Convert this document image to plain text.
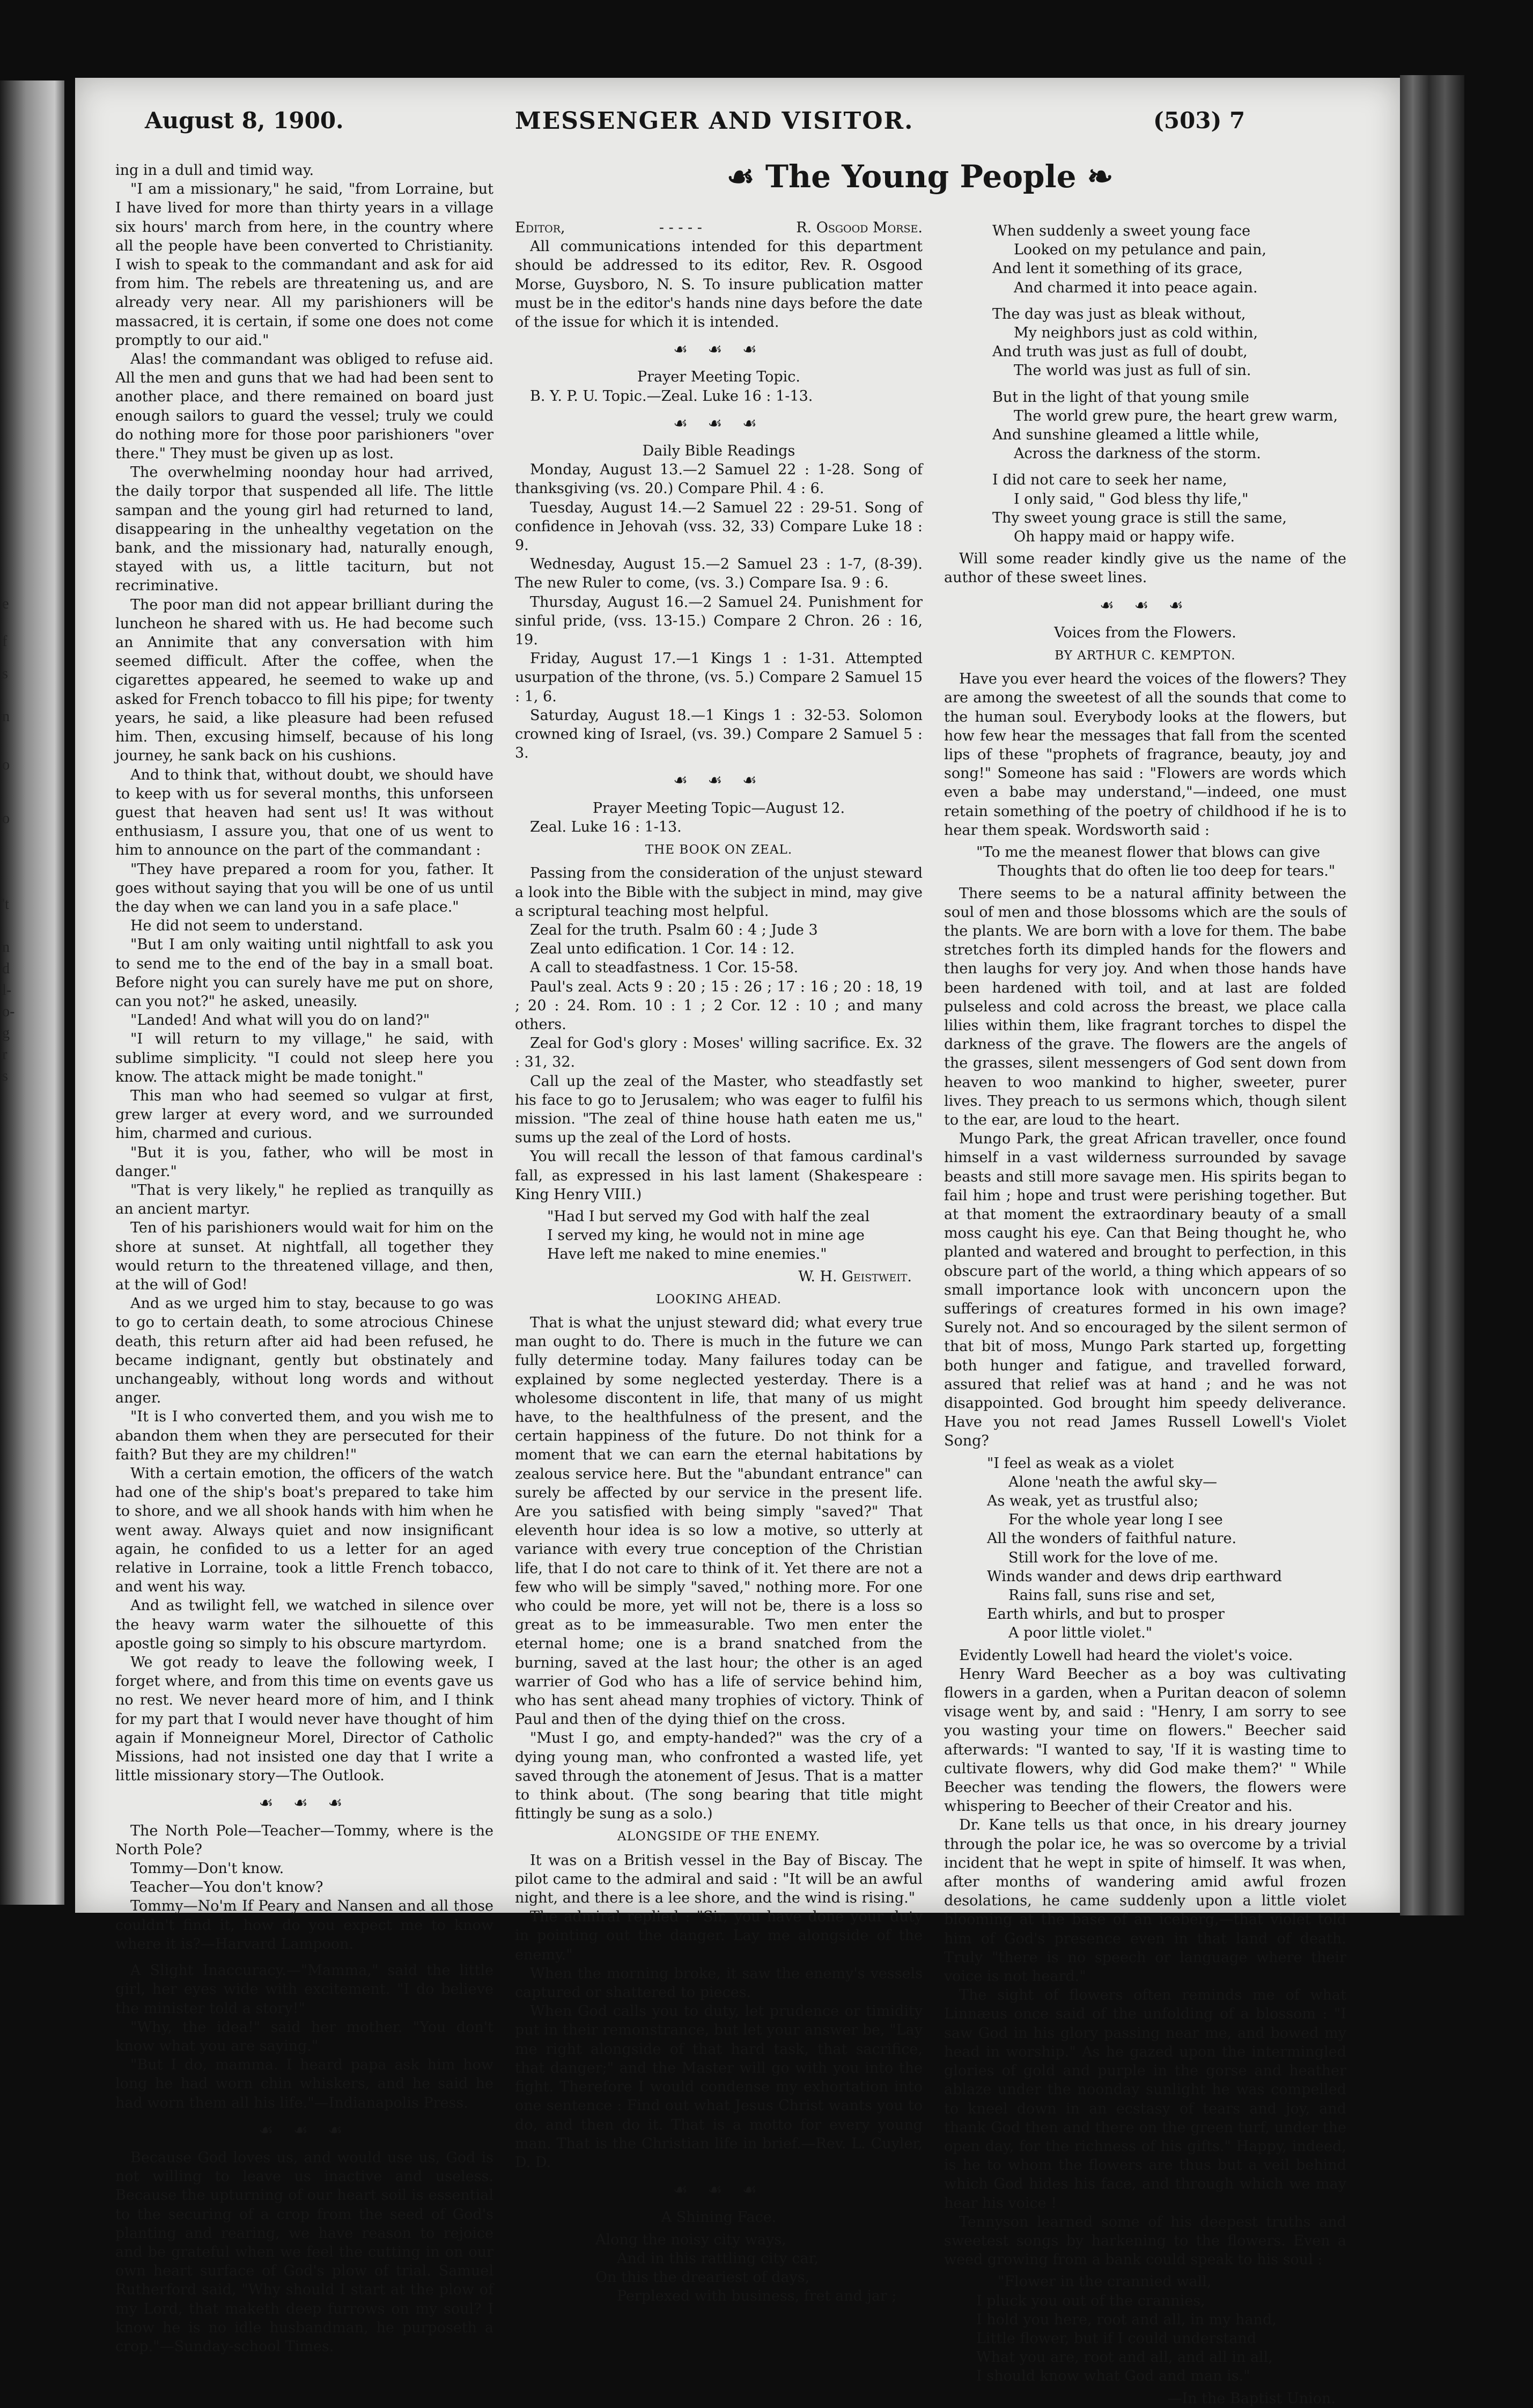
e
f
s
n
o
o
't
n
d
l-
o-
g
r
s
August 8, 1900.	MESSENGER AND VISITOR.	(503) 7
☙ The Young People ❧

ing in a dull and timid way.

"I am a missionary," he said, "from Lorraine, but I have lived for more than thirty years in a village six hours' march from here, in the country where all the people have been converted to Christianity. I wish to speak to the commandant and ask for aid from him. The rebels are threatening us, and are already very near. All my parishioners will be massacred, it is certain, if some one does not come promptly to our aid."

Alas! the commandant was obliged to refuse aid. All the men and guns that we had had been sent to another place, and there remained on board just enough sailors to guard the vessel; truly we could do nothing more for those poor parishioners "over there." They must be given up as lost.

The overwhelming noonday hour had arrived, the daily torpor that suspended all life. The little sampan and the young girl had returned to land, disappearing in the unhealthy vegetation on the bank, and the missionary had, naturally enough, stayed with us, a little taciturn, but not recriminative.

The poor man did not appear brilliant during the luncheon he shared with us. He had become such an Annimite that any conversation with him seemed difficult. After the coffee, when the cigarettes appeared, he seemed to wake up and asked for French tobacco to fill his pipe; for twenty years, he said, a like pleasure had been refused him. Then, excusing himself, because of his long journey, he sank back on his cushions.

And to think that, without doubt, we should have to keep with us for several months, this unforseen guest that heaven had sent us! It was without enthusiasm, I assure you, that one of us went to him to announce on the part of the commandant :

"They have prepared a room for you, father. It goes without saying that you will be one of us until the day when we can land you in a safe place."

He did not seem to understand.

"But I am only waiting until nightfall to ask you to send me to the end of the bay in a small boat. Before night you can surely have me put on shore, can you not?" he asked, uneasily.

"Landed! And what will you do on land?"

"I will return to my village," he said, with sublime simplicity. "I could not sleep here you know. The attack might be made tonight."

This man who had seemed so vulgar at first, grew larger at every word, and we surrounded him, charmed and curious.

"But it is you, father, who will be most in danger."

"That is very likely," he replied as tranquilly as an ancient martyr.

Ten of his parishioners would wait for him on the shore at sunset. At nightfall, all together they would return to the threatened village, and then, at the will of God!

And as we urged him to stay, because to go was to go to certain death, to some atrocious Chinese death, this return after aid had been refused, he became indignant, gently but obstinately and unchangeably, without long words and without anger.

"It is I who converted them, and you wish me to abandon them when they are persecuted for their faith? But they are my children!"

With a certain emotion, the officers of the watch had one of the ship's boat's prepared to take him to shore, and we all shook hands with him when he went away. Always quiet and now insignificant again, he confided to us a letter for an aged relative in Lorraine, took a little French tobacco, and went his way.

And as twilight fell, we watched in silence over the heavy warm water the silhouette of this apostle going so simply to his obscure martyrdom.

We got ready to leave the following week, I forget where, and from this time on events gave us no rest. We never heard more of him, and I think for my part that I would never have thought of him again if Monneigneur Morel, Director of Catholic Missions, had not insisted one day that I write a little missionary story—The Outlook.

☙ ☙ ☙

The North Pole—Teacher—Tommy, where is the North Pole?

Tommy—Don't know.

Teacher—You don't know?

Tommy—No'm If Peary and Nansen and all those couldn't find it, how do you expect me to know where it is?—Harvard Lampoon.

A Slight Inaccuracy.—"Mamma," said the little girl, her eyes wide with excitement. "I do believe the minister told a story!"

"Why, the idea!" said her mother. "You don't know what you are saying."

"But I do, mamma. I heard papa ask him how long he had worn chin whiskers, and he said he had worn them all his life."—Indianapolis Press.

☙ ☙ ☙

Because God loves us, and would use us, God is not willing to leave us inactive and useless. Because the upturning of our heart soil is essential to the securing of a crop from the seed of God's planting and rearing, we have reason to rejoice and be grateful when we feel the cutting in on our own heart surface of God's plow of trial. Samuel Rutherford said, "Why should I start at the plow of my Lord, that maketh deep furrows on my soul? I know he is no idle husbandman, he purposeth a crop."—Sunday-school Times.

Editor,	- - - - -	R. Osgood Morse.

All communications intended for this department should be addressed to its editor, Rev. R. Osgood Morse, Guysboro, N. S. To insure publication matter must be in the editor's hands nine days before the date of the issue for which it is intended.

☙ ☙ ☙

Prayer Meeting Topic.

B. Y. P. U. Topic.—Zeal. Luke 16 : 1-13.

☙ ☙ ☙

Daily Bible Readings

Monday, August 13.—2 Samuel 22 : 1-28. Song of thanksgiving (vs. 20.) Compare Phil. 4 : 6.

Tuesday, August 14.—2 Samuel 22 : 29-51. Song of confidence in Jehovah (vss. 32, 33) Compare Luke 18 : 9.

Wednesday, August 15.—2 Samuel 23 : 1-7, (8-39). The new Ruler to come, (vs. 3.) Compare Isa. 9 : 6.

Thursday, August 16.—2 Samuel 24. Punishment for sinful pride, (vss. 13-15.) Compare 2 Chron. 26 : 16, 19.

Friday, August 17.—1 Kings 1 : 1-31. Attempted usurpation of the throne, (vs. 5.) Compare 2 Samuel 15 : 1, 6.

Saturday, August 18.—1 Kings 1 : 32-53. Solomon crowned king of Israel, (vs. 39.) Compare 2 Samuel 5 : 3.

☙ ☙ ☙

Prayer Meeting Topic—August 12.

Zeal. Luke 16 : 1-13.

THE BOOK ON ZEAL.

Passing from the consideration of the unjust steward a look into the Bible with the subject in mind, may give a scriptural teaching most helpful.

Zeal for the truth. Psalm 60 : 4 ; Jude 3

Zeal unto edification. 1 Cor. 14 : 12.

A call to steadfastness. 1 Cor. 15-58.

Paul's zeal. Acts 9 : 20 ; 15 : 26 ; 17 : 16 ; 20 : 18, 19 ; 20 : 24. Rom. 10 : 1 ; 2 Cor. 12 : 10 ; and many others.

Zeal for God's glory : Moses' willing sacrifice. Ex. 32 : 31, 32.

Call up the zeal of the Master, who steadfastly set his face to go to Jerusalem; who was eager to fulfil his mission. "The zeal of thine house hath eaten me us," sums up the zeal of the Lord of hosts.

You will recall the lesson of that famous cardinal's fall, as expressed in his last lament (Shakespeare : King Henry VIII.)

"Had I but served my God with half the zeal
I served my king, he would not in mine age
Have left me naked to mine enemies."

W. H. Geistweit.

LOOKING AHEAD.

That is what the unjust steward did; what every true man ought to do. There is much in the future we can fully determine today. Many failures today can be explained by some neglected yesterday. There is a wholesome discontent in life, that many of us might have, to the healthfulness of the present, and the certain happiness of the future. Do not think for a moment that we can earn the eternal habitations by zealous service here. But the "abundant entrance" can surely be affected by our service in the present life. Are you satisfied with being simply "saved?" That eleventh hour idea is so low a motive, so utterly at variance with every true conception of the Christian life, that I do not care to think of it. Yet there are not a few who will be simply "saved," nothing more. For one who could be more, yet will not be, there is a loss so great as to be immeasurable. Two men enter the eternal home; one is a brand snatched from the burning, saved at the last hour; the other is an aged warrier of God who has a life of service behind him, who has sent ahead many trophies of victory. Think of Paul and then of the dying thief on the cross.

"Must I go, and empty-handed?" was the cry of a dying young man, who confronted a wasted life, yet saved through the atonement of Jesus. That is a matter to think about. (The song bearing that title might fittingly be sung as a solo.)

ALONGSIDE OF THE ENEMY.

It was on a British vessel in the Bay of Biscay. The pilot came to the admiral and said : "It will be an awful night, and there is a lee shore, and the wind is rising."

The admiral replied : "Sir, you have done your duty in pointing out the danger. Lay me alongside of the enemy."

When the morning broke, it saw the enemy's vessels captured or shattered to pieces.

When God calls you to duty, let prudence or timidity put in their remonstrance, but let your answer be, "Lay me right alongside of that hard task, that sacrifice, that danger;" and the Master will go with you into the fight. Therefore I would condense my exhortation into one sentence : Find out what Jesus Christ wants you to do, and then do it. That is a motto for every young man. That is the Christian life in brief.—Rev. L. Cuyler, D. D.

☙ ☙ ☙

A Shining Face.

Along the noisy city ways,
And in this rattling city car,
On this the dreariest of days,
Perplexed with business, fret and jar ;
When suddenly a sweet young face
Looked on my petulance and pain,
And lent it something of its grace,
And charmed it into peace again.
The day was just as bleak without,
My neighbors just as cold within,
And truth was just as full of doubt,
The world was just as full of sin.
But in the light of that young smile
The world grew pure, the heart grew warm,
And sunshine gleamed a little while,
Across the darkness of the storm.
I did not care to seek her name,
I only said, " God bless thy life,"
Thy sweet young grace is still the same,
Oh happy maid or happy wife.

Will some reader kindly give us the name of the author of these sweet lines.

☙ ☙ ☙

Voices from the Flowers.

BY ARTHUR C. KEMPTON.

Have you ever heard the voices of the flowers? They are among the sweetest of all the sounds that come to the human soul. Everybody looks at the flowers, but how few hear the messages that fall from the scented lips of these "prophets of fragrance, beauty, joy and song!" Someone has said : "Flowers are words which even a babe may understand,"—indeed, one must retain something of the poetry of childhood if he is to hear them speak. Wordsworth said :

"To me the meanest flower that blows can give
Thoughts that do often lie too deep for tears."

There seems to be a natural affinity between the soul of men and those blossoms which are the souls of the plants. We are born with a love for them. The babe stretches forth its dimpled hands for the flowers and then laughs for very joy. And when those hands have been hardened with toil, and at last are folded pulseless and cold across the breast, we place calla lilies within them, like fragrant torches to dispel the darkness of the grave. The flowers are the angels of the grasses, silent messengers of God sent down from heaven to woo mankind to higher, sweeter, purer lives. They preach to us sermons which, though silent to the ear, are loud to the heart.

Mungo Park, the great African traveller, once found himself in a vast wilderness surrounded by savage beasts and still more savage men. His spirits began to fail him ; hope and trust were perishing together. But at that moment the extraordinary beauty of a small moss caught his eye. Can that Being thought he, who planted and watered and brought to perfection, in this obscure part of the world, a thing which appears of so small importance look with unconcern upon the sufferings of creatures formed in his own image? Surely not. And so encouraged by the silent sermon of that bit of moss, Mungo Park started up, forgetting both hunger and fatigue, and travelled forward, assured that relief was at hand ; and he was not disappointed. God brought him speedy deliverance. Have you not read James Russell Lowell's Violet Song?

"I feel as weak as a violet
Alone 'neath the awful sky—
As weak, yet as trustful also;
For the whole year long I see
All the wonders of faithful nature.
Still work for the love of me.
Winds wander and dews drip earthward
Rains fall, suns rise and set,
Earth whirls, and but to prosper
A poor little violet."

Evidently Lowell had heard the violet's voice.

Henry Ward Beecher as a boy was cultivating flowers in a garden, when a Puritan deacon of solemn visage went by, and said : "Henry, I am sorry to see you wasting your time on flowers." Beecher said afterwards: "I wanted to say, 'If it is wasting time to cultivate flowers, why did God make them?' " While Beecher was tending the flowers, the flowers were whispering to Beecher of their Creator and his.

Dr. Kane tells us that once, in his dreary journey through the polar ice, he was so overcome by a trivial incident that he wept in spite of himself. It was when, after months of wandering amid awful frozen desolations, he came suddenly upon a little violet blooming at the base of an iceberg,—that violet told him of God's presence even in that land of death. Truly "there is no speech or language where their voice is not heard."

The sight of flowers often reminds me of what Linnæus once said of the unfolding of a blossom : "I saw God in his glory passing near me, and bowed my head in worship." As he gazed upon the intermingled glories of gold and purple in the gorse and heather ablaze under the noonday sunlight he was compelled to kneel down in an ecstasy of tears and joy, and thank God then and there on the green turf, under the open day, for the richness of his gifts." Happy, indeed, is he to whom the flowers are thus but a veil behind which God hides his face, and through which we may hear his voice !

Tennyson learned some of his deepest truths and sweetest songs by harkening to the flowers. Even a weed growing from a bank could speak to his soul :

"Flower in the crannied wall,
I pluck you out of the crannies,
I hold you here, root and all, in my hand,
Little flower, but if I could understand
What you are, root and all, and all in all,
I should know what God and man is."

—In the Baptist Union.
